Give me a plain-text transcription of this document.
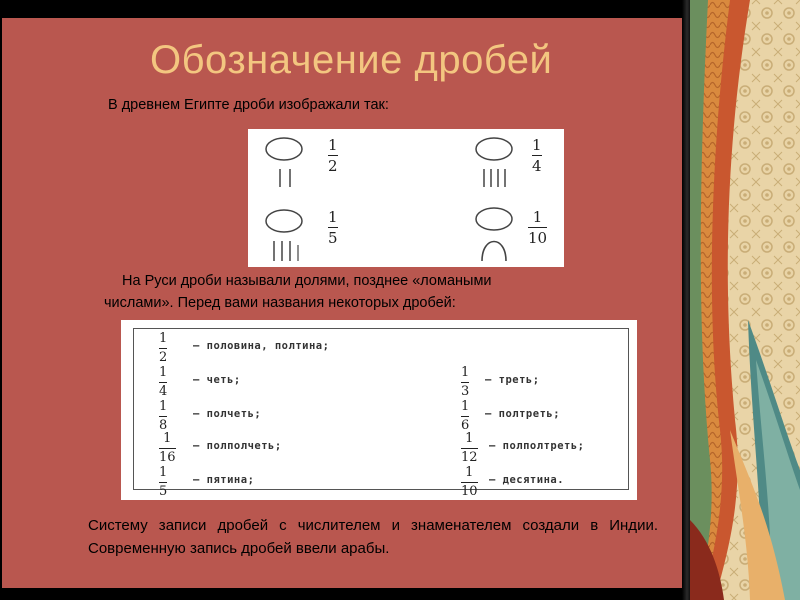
Обозначение дробей
В древнем Египте дроби изображали так:
1
2
1
4
1
5
1
10
На Руси дроби называли долями, позднее «ломаными
числами». Перед вами названия некоторых дробей:
1
2
— половина, полтина;
1
4
— четь;
1
8
— полчеть;
1
16
— полполчеть;
1
5
— пятина;
1
3
— треть;
1
6
— полтреть;
1
12
— полполтреть;
1
10
— десятина.
Систему записи дробей с числителем и знаменателем создали в Индии. Современную запись дробей ввели арабы.
